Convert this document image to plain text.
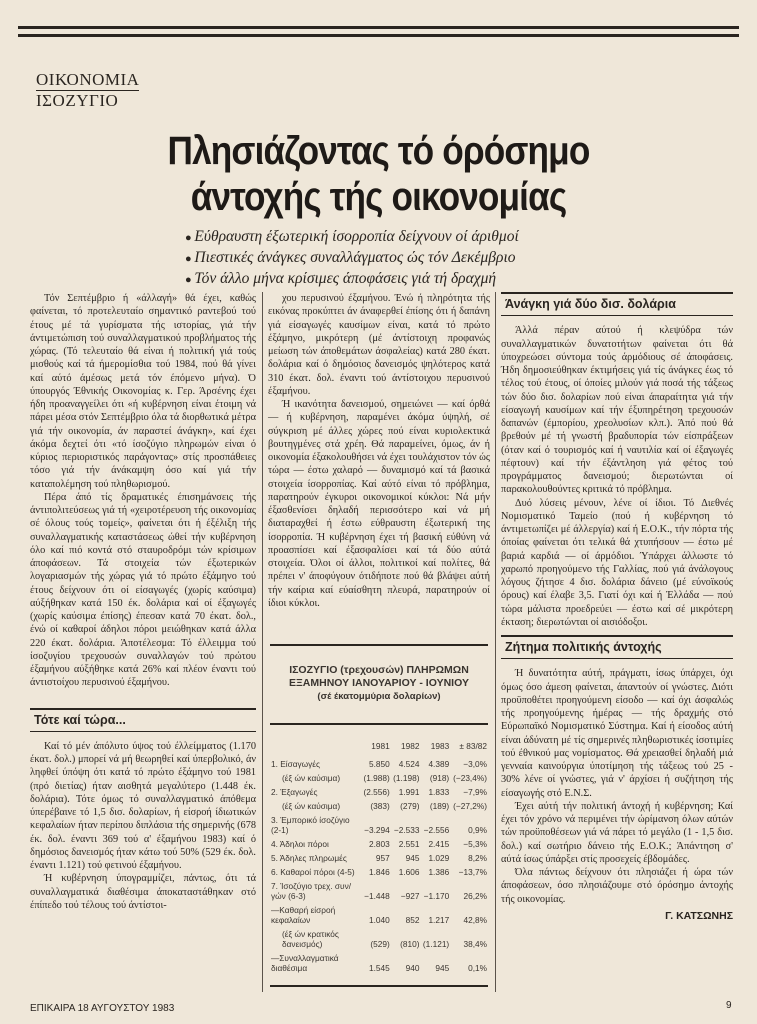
ΟΙΚΟΝΟΜΙΑ
ΙΣΟΖΥΓΙΟ
Πλησιάζοντας τό όρόσημο
άντοχής τής οικονομίας
● Εύθραυστη έξωτερική ίσορροπία δείχνουν οί άριθμοί
● Πιεστικές άνάγκες συναλλάγματος ώς τόν Δεκέμβριο
● Τόν άλλο μήνα κρίσιμες άποφάσεις γιά τή δραχμή

Τόν Σεπτέμβριο ή «άλλαγή» θά έχει, καθώς φαίνεται, τό προτελευταίο σημαντικό ραντεβού τού έτους μέ τά γυρίσματα τής ιστορίας, γιά τήν άντιμετώπιση τού συναλλαγματικού προβλήματος τής χώρας. (Τό τελευταίο θά είναι ή πολιτική γιά τούς μισθούς καί τά ήμερομίσθια τού 1984, πού θά γίνει καί αύτό άμέσως μετά τόν έπόμενο μήνα). Ό ύπουργός Έθνικής Οικονομίας κ. Γερ. Άρσένης έχει ήδη προαναγγείλει ότι «ή κυβέρνηση είναι έτοιμη νά πάρει μέσα στόν Σεπτέμβριο όλα τά διορθωτικά μέτρα γιά τήν οικονομία, άν παραστεί άνάγκη», καί έχει άκόμα δεχτεί ότι «τό ίσοζύγιο πληρωμών είναι ό κύριος περιοριστικός παράγοντας» στίς προσπάθειες τόσο γιά τήν άνάκαμψη όσο καί γιά τήν καταπολέμηση τού πληθωρισμού.

Πέρα άπό τίς δραματικές έπισημάνσεις τής άντιπολιτεύσεως γιά τή «χειροτέρευση τής οικονομίας σέ όλους τούς τομείς», φαίνεται ότι ή έξέλιξη τής συναλλαγματικής καταστάσεως ώθεί τήν κυβέρνηση όλο καί πιό κοντά στό σταυροδρόμι τών κρίσιμων άποφάσεων. Τά στοιχεία τών έξωτερικών λογαριασμών τής χώρας γιά τό πρώτο έξάμηνο τού έτους δείχνουν ότι οί είσαγωγές (χωρίς καύσιμα) αύξήθηκαν κατά 150 έκ. δολάρια καί οί έξαγωγές (χωρίς καύσιμα έπίσης) έπεσαν κατά 70 έκατ. δολ., ένώ οί καθαροί άδηλοι πόροι μειώθηκαν κατά άλλα 220 έκατ. δολάρια. Άποτέλεσμα: Τό έλλειμμα τού ίσοζυγίου τρεχουσών συναλλαγών τού πρώτου έξαμήνου αύξήθηκε κατά 26% καί πλέον έναντι τού άντιστοίχου περυσινού έξαμήνου.

Τότε καί τώρα...

Καί τό μέν άπόλυτο ύψος τού έλλείμματος (1.170 έκατ. δολ.) μπορεί νά μή θεωρηθεί καί ύπερβολικό, άν ληφθεί ύπόψη ότι κατά τό πρώτο έξάμηνο τού 1981 (πρό διετίας) ήταν αισθητά μεγαλύτερο (1.448 έκ. δολάρια). Τότε όμως τό συναλλαγματικό άπόθεμα ύπερέβαινε τό 1,5 δισ. δολαρίων, ή είσροή ίδιωτικών κεφαλαίων ήταν περίπου διπλάσια τής σημερινής (678 έκ. δολ. έναντι 369 τού α' έξαμήνου 1983) καί ό δημόσιος δανεισμός ήταν κάτω τού 50% (529 έκ. δολ. έναντι 1.121) τού φετινού έξαμήνου.

Ή κυβέρνηση ύπογραμμίζει, πάντως, ότι τά συναλλαγματικά διαθέσιμα άποκαταστάθηκαν στό έπίπεδο τού τέλους τού άντίστοι-

χου περυσινού έξαμήνου. Ένώ ή πληρότητα τής εικόνας προκύπτει άν άναφερθεί έπίσης ότι ή δαπάνη γιά είσαγωγές καυσίμων είναι, κατά τό πρώτο έξάμηνο, μικρότερη (μέ άντίστοιχη προφανώς μείωση τών άποθεμάτων άσφαλείας) κατά 280 έκατ. δολάρια καί ό δημόσιος δανεισμός ψηλότερος κατά 310 έκατ. δολ. έναντι τού άντίστοιχου περυσινού έξαμήνου.

Ή ικανότητα δανεισμού, σημειώνει — καί όρθά — ή κυβέρνηση, παραμένει άκόμα ύψηλή, σέ σύγκριση μέ άλλες χώρες πού είναι κυριολεκτικά βουτηγμένες στά χρέη. Θά παραμείνει, όμως, άν ή οικονομία έξακολουθήσει νά έχει τουλάχιστον τόν ώς τώρα — έστω χαλαρό — δυναμισμό καί τά βασικά στοιχεία ίσορροπίας. Καί αύτό είναι τό πρόβλημα, παρατηρούν έγκυροι οικονομικοί κύκλοι: Νά μήν έξασθενίσει δηλαδή περισσότερο καί νά μή διαταραχθεί ή έστω εύθραυστη έξωτερική της ίσορροπία. Ή κυβέρνηση έχει τή βασική εύθύνη νά προασπίσει καί έξασφαλίσει καί τά δύο αύτά στοιχεία. Όλοι οί άλλοι, πολιτικοί καί πολίτες, θά πρέπει ν' άποφύγουν ότιδήποτε πού θά βλάψει αύτή τήν καίρια καί εύαίσθητη πλευρά, παρατηρούν οί ίδιοι κύκλοι.

ΙΣΟΖΥΓΙΟ (τρεχουσών) ΠΛΗΡΩΜΩΝ
ΕΞΑΜΗΝΟΥ ΙΑΝΟΥΑΡΙΟΥ - ΙΟΥΝΙΟΥ
(σέ έκατομμύρια δολαρίων)
	1981	1982	1983	± 83/82
1. Είσαγωγές	5.850	4.524	4.389	−3,0%
(έξ ών καύσιμα)	(1.988)	(1.198)	(918)	(−23,4%)
2. Έξαγωγές	(2.556)	1.991	1.833	−7,9%
(έξ ών καύσιμα)	(383)	(279)	(189)	(−27,2%)
3. Έμπορικό ίσοζύγιο (2-1)	−3.294	−2.533	−2.556	0,9%
4. Άδηλοι πόροι	2.803	2.551	2.415	−5,3%
5. Άδηλες πληρωμές	957	945	1.029	8,2%
6. Καθαροί πόροι (4-5)	1.846	1.606	1.386	−13,7%
7. Ίσοζύγιο τρεχ. συν/γών (6-3)	−1.448	−927	−1.170	26,2%
—Καθαρή είσροή κεφαλαίων	1.040	852	1.217	42,8%
(έξ ών κρατικός δανεισμός)	(529)	(810)	(1.121)	38,4%
—Συναλλαγματικά διαθέσιμα	1.545	940	945	0,1%
Άνάγκη γιά δύο δισ. δολάρια

Άλλά πέραν αύτού ή κλεψύδρα τών συναλλαγματικών δυνατοτήτων φαίνεται ότι θά ύποχρεώσει σύντομα τούς άρμόδιους σέ άποφάσεις. Ήδη δημοσιεύθηκαν έκτιμήσεις γιά τίς άνάγκες έως τό τέλος τού έτους, οί όποίες μιλούν γιά ποσά τής τάξεως τών δύο δισ. δολαρίων πού είναι άπαραίτητα γιά τήν είσαγωγή καυσίμων καί τήν έξυπηρέτηση τρεχουσών δαπανών (έμπορίου, χρεολυσίων κλπ.). Άπό πού θά βρεθούν μέ τή γνωστή βραδυπορία τών είσπράξεων (όταν καί ό τουρισμός καί ή ναυτιλία καί οί έξαγωγές πέφτουν) καί τήν έξάντληση γιά φέτος τού προγράμματος δανεισμού; διερωτώνται οί παρακολουθούντες κριτικά τό πρόβλημα.

Δυό λύσεις μένουν, λένε οί ίδιοι. Τό Διεθνές Νομισματικό Ταμείο (πού ή κυβέρνηση τό άντιμετωπίζει μέ άλλεργία) καί ή Ε.Ο.Κ., τήν πόρτα τής όποίας φαίνεται ότι τελικά θά χτυπήσουν — έστω μέ βαριά καρδιά — οί άρμόδιοι. Ύπάρχει άλλωστε τό χαρωπό προηγούμενο τής Γαλλίας, πού γιά άνάλογους λόγους ζήτησε 4 δισ. δολάρια δάνειο (μέ εύνοϊκούς όρους) καί έλαβε 3,5. Γιατί όχι καί ή Έλλάδα — πού τώρα μάλιστα προεδρεύει — έστω καί σέ μικρότερη έκταση; διερωτώνται οί αισιόδοξοι.

Ζήτημα πολιτικής άντοχής

Ή δυνατότητα αύτή, πράγματι, ίσως ύπάρχει, όχι όμως όσο άμεση φαίνεται, άπαντούν οί γνώστες. Διότι προϋποθέτει προηγούμενη είσοδο — καί όχι άσφαλώς τής προηγούμενης ήμέρας — τής δραχμής στό Εύρωπαϊκό Νομισματικό Σύστημα. Καί ή είσοδος αύτή είναι άδύνατη μέ τίς σημερινές πληθωριστικές ίσοτιμίες τού έθνικού μας νομίσματος. Θά χρειασθεί δηλαδή μιά γενναία καινούργια ύποτίμηση τής τάξεως τού 25 - 30% λένε οί γνώστες, γιά ν' άρχίσει ή συζήτηση τής είσαγωγής στό Ε.Ν.Σ.

Έχει αύτή τήν πολιτική άντοχή ή κυβέρνηση; Καί έχει τόν χρόνο νά περιμένει τήν ώρίμανση όλων αύτών τών προϋποθέσεων γιά νά πάρει τό μεγάλο (1 - 1,5 δισ. δολ.) καί σωτήριο δάνειο τής Ε.Ο.Κ.; Άπάντηση σ' αύτά ίσως ύπάρξει στίς προσεχείς έβδομάδες.

Όλα πάντως δείχνουν ότι πλησιάζει ή ώρα τών άποφάσεων, όσο πλησιάζουμε στό όρόσημο άντοχής τής οικονομίας.

Γ. ΚΑΤΣΩΝΗΣ
ΕΠΙΚΑΙΡΑ 18 ΑΥΓΟΥΣΤΟΥ 1983	9
